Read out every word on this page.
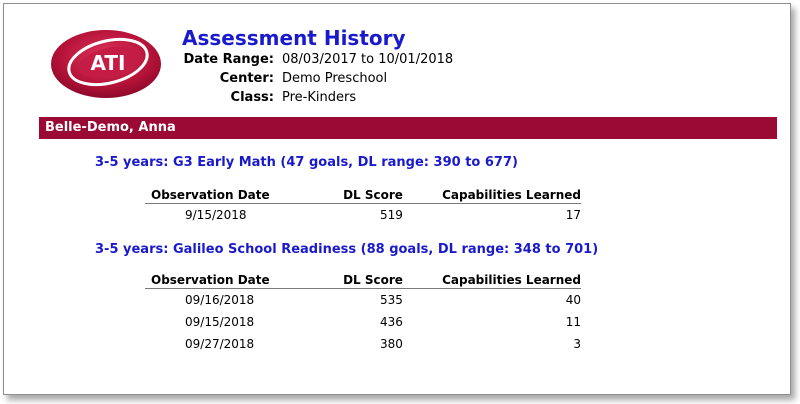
ATI
Assessment History
Date Range: 08/03/2017 to 10/01/2018
Center: Demo Preschool
Class: Pre-Kinders
Belle-Demo, Anna
3-5 years: G3 Early Math (47 goals, DL range: 390 to 677)
Observation Date	DL Score	Capabilities Learned
9/15/2018	519	17
3-5 years: Galileo School Readiness (88 goals, DL range: 348 to 701)
Observation Date	DL Score	Capabilities Learned
09/16/2018	535	40
09/15/2018	436	11
09/27/2018	380	3
